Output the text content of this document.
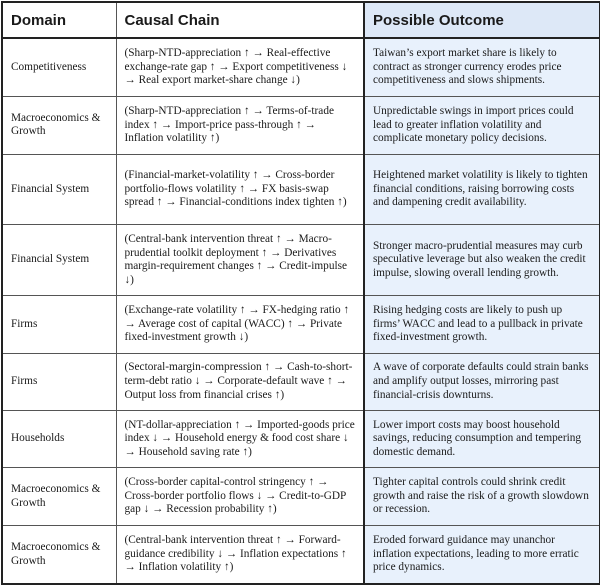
Domain	Causal Chain	Possible Outcome
Competitiveness	(Sharp-NTD-appreciation ↑ → Real-effective exchange-rate gap ↑ → Export competitiveness ↓ → Real export market-share change ↓)	Taiwan’s export market share is likely to contract as stronger currency erodes price competitiveness and slows shipments.
Macroeconomics & Growth	(Sharp-NTD-appreciation ↑ → Terms-of-trade index ↑ → Import-price pass-through ↑ → Inflation volatility ↑)	Unpredictable swings in import prices could lead to greater inflation volatility and complicate monetary policy decisions.
Financial System	(Financial-market-volatility ↑ → Cross-border portfolio-flows volatility ↑ → FX basis-swap spread ↑ → Financial-conditions index tighten ↑)	Heightened market volatility is likely to tighten financial conditions, raising borrowing costs and dampening credit availability.
Financial System	(Central-bank intervention threat ↑ → Macro-prudential toolkit deployment ↑ → Derivatives margin-requirement changes ↑ → Credit-impulse ↓)	Stronger macro-prudential measures may curb speculative leverage but also weaken the credit impulse, slowing overall lending growth.
Firms	(Exchange-rate volatility ↑ → FX-hedging ratio ↑ → Average cost of capital (WACC) ↑ → Private fixed-investment growth ↓)	Rising hedging costs are likely to push up firms’ WACC and lead to a pullback in private fixed-investment growth.
Firms	(Sectoral-margin-compression ↑ → Cash-to-short-term-debt ratio ↓ → Corporate-default wave ↑ → Output loss from financial crises ↑)	A wave of corporate defaults could strain banks and amplify output losses, mirroring past financial-crisis downturns.
Households	(NT-dollar-appreciation ↑ → Imported-goods price index ↓ → Household energy & food cost share ↓ → Household saving rate ↑)	Lower import costs may boost household savings, reducing consumption and tempering domestic demand.
Macroeconomics & Growth	(Cross-border capital-control stringency ↑ → Cross-border portfolio flows ↓ → Credit-to-GDP gap ↓ → Recession probability ↑)	Tighter capital controls could shrink credit growth and raise the risk of a growth slowdown or recession.
Macroeconomics & Growth	(Central-bank intervention threat ↑ → Forward-guidance credibility ↓ → Inflation expectations ↑ → Inflation volatility ↑)	Eroded forward guidance may unanchor inflation expectations, leading to more erratic price dynamics.
